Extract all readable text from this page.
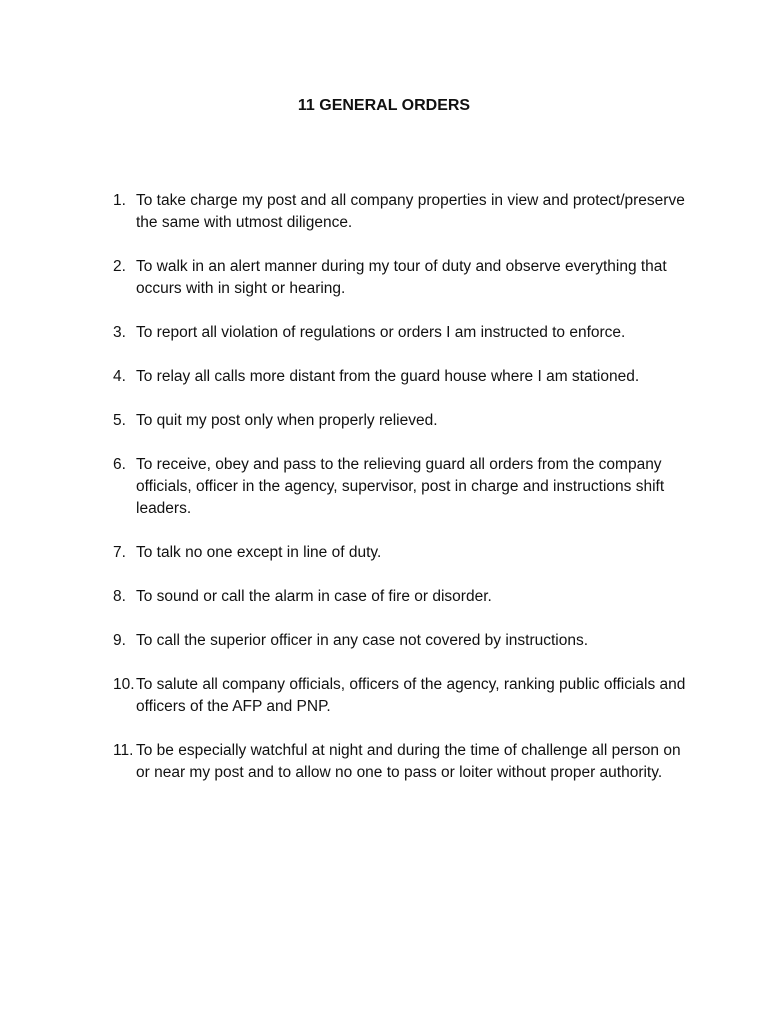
11 GENERAL ORDERS
1. To take charge my post and all company properties in view and protect/preserve the same with utmost diligence.
2. To walk in an alert manner during my tour of duty and observe everything that occurs with in sight or hearing.
3. To report all violation of regulations or orders I am instructed to enforce.
4. To relay all calls more distant from the guard house where I am stationed.
5. To quit my post only when properly relieved.
6. To receive, obey and pass to the relieving guard all orders from the company officials, officer in the agency, supervisor, post in charge and instructions shift leaders.
7. To talk no one except in line of duty.
8. To sound or call the alarm in case of fire or disorder.
9. To call the superior officer in any case not covered by instructions.
10. To salute all company officials, officers of the agency, ranking public officials and officers of the AFP and PNP.
11. To be especially watchful at night and during the time of challenge all person on or near my post and to allow no one to pass or loiter without proper authority.
